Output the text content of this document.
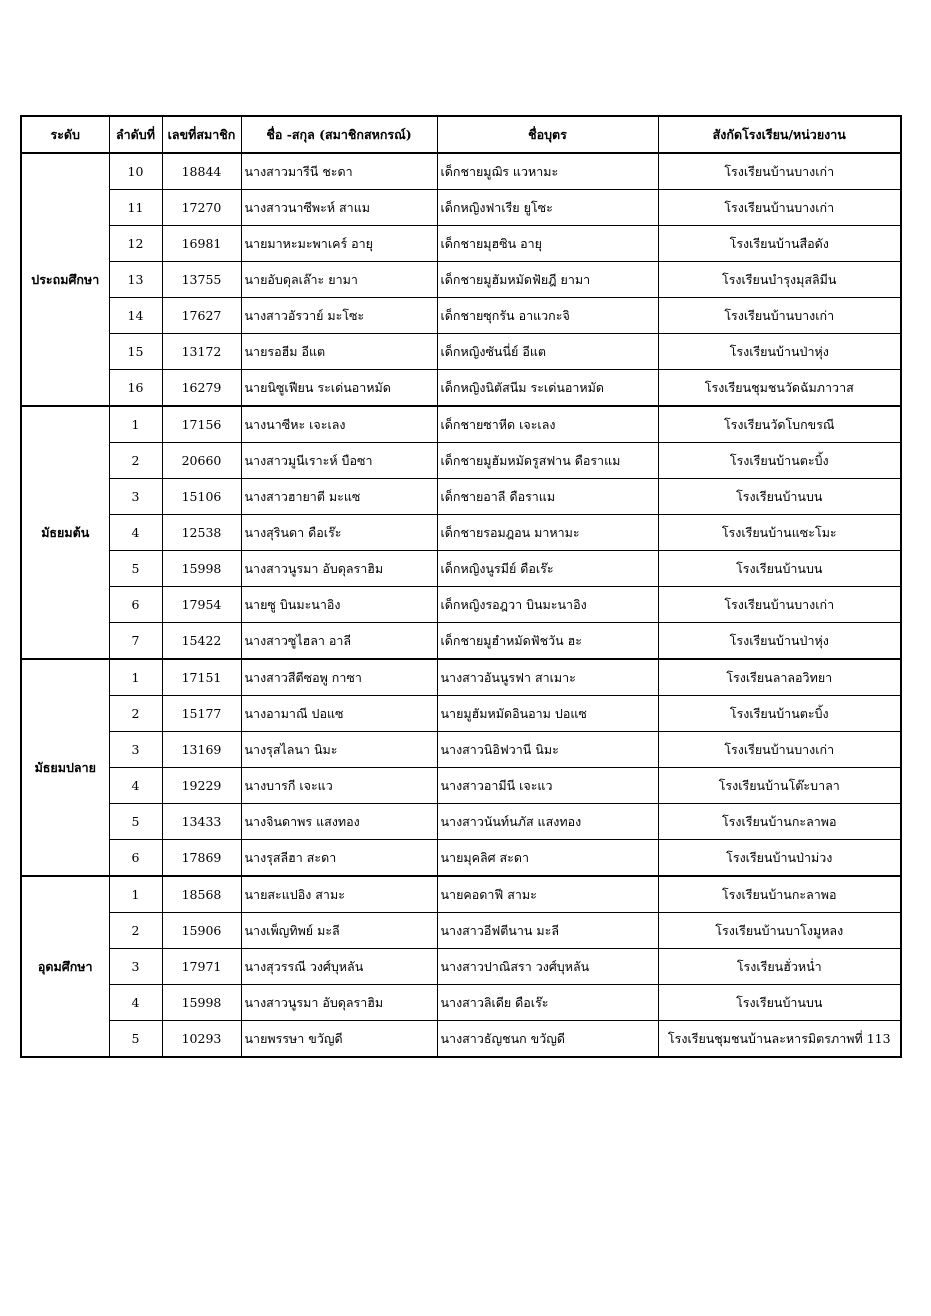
ระดับ	ลำดับที่	เลขที่สมาชิก	ชื่อ -สกุล (สมาชิกสหกรณ์)	ชื่อบุตร	สังกัดโรงเรียน/หน่วยงาน
ประถมศึกษา	10	18844	นางสาวมารีนี ชะดา	เด็กชายมูฌิร แวหามะ	โรงเรียนบ้านบางเก่า
	11	17270	นางสาวนาซีพะห์ สาแม	เด็กหญิงฟาเรีย ยูโซะ	โรงเรียนบ้านบางเก่า
	12	16981	นายมาหะมะพาเคร์ อายุ	เด็กชายมุฮซิน อายุ	โรงเรียนบ้านสือดัง
	13	13755	นายอับดุลเล๊าะ ยามา	เด็กชายมูฮัมหมัดฟัยฎี ยามา	โรงเรียนบำรุงมุสลิมีน
	14	17627	นางสาวอัรวาย์ มะโซะ	เด็กชายซุกรัน อาแวกะจิ	โรงเรียนบ้านบางเก่า
	15	13172	นายรอฮีม อีแต	เด็กหญิงซันนี่ย์ อีแต	โรงเรียนบ้านป่าหุ่ง
	16	16279	นายนิซูเฟียน ระเด่นอาหมัด	เด็กหญิงนิตัสนีม ระเด่นอาหมัด	โรงเรียนชุมชนวัดฉัมภาวาส
มัธยมต้น	1	17156	นางนาซีหะ เจะเลง	เด็กชายซาหีด เจะเลง	โรงเรียนวัดโบกขรณี
	2	20660	นางสาวมูนีเราะห์ บือซา	เด็กชายมูฮัมหมัดรูสฟาน ดือราแม	โรงเรียนบ้านตะบิ้ง
	3	15106	นางสาวฮายาตี มะแซ	เด็กชายอาลี ดือราแม	โรงเรียนบ้านบน
	4	12538	นางสุรินดา ดือเร๊ะ	เด็กชายรอมฎอน มาหามะ	โรงเรียนบ้านแซะโมะ
	5	15998	นางสาวนูรมา อับดุลราฮิม	เด็กหญิงนูรมีย์ ดือเร๊ะ	โรงเรียนบ้านบน
	6	17954	นายซู บินมะนาอิง	เด็กหญิงรอฎวา บินมะนาอิง	โรงเรียนบ้านบางเก่า
	7	15422	นางสาวซูไฮลา อาลี	เด็กชายมูฮำหมัดฟัชวัน ฮะ	โรงเรียนบ้านป่าหุ่ง
มัธยมปลาย	1	17151	นางสาวสีตีซอพู กาซา	นางสาวอันนูรฟา สาเมาะ	โรงเรียนลาลอวิทยา
	2	15177	นางอามาณี ปอแซ	นายมูฮัมหมัดอินอาม ปอแซ	โรงเรียนบ้านตะบิ้ง
	3	13169	นางรุสไลนา นิมะ	นางสาวนิอิฟวานี นิมะ	โรงเรียนบ้านบางเก่า
	4	19229	นางบารกี เจะแว	นางสาวอามีนี เจะแว	โรงเรียนบ้านโต๊ะบาลา
	5	13433	นางจินดาพร แสงทอง	นางสาวนันท์นภัส แสงทอง	โรงเรียนบ้านกะลาพอ
	6	17869	นางรุสลีฮา สะดา	นายมุคลิศ สะดา	โรงเรียนบ้านป่าม่วง
อุดมศึกษา	1	18568	นายสะแปอิง สามะ	นายคอดาฟี สามะ	โรงเรียนบ้านกะลาพอ
	2	15906	นางเพ็ญทิพย์ มะลี	นางสาวอีฟตีนาน มะลี	โรงเรียนบ้านบาโงมูหลง
	3	17971	นางสุวรรณี วงศ์บุหลัน	นางสาวปาณิสรา วงศ์บุหลัน	โรงเรียนฮั่วหน่ำ
	4	15998	นางสาวนูรมา อับดุลราฮิม	นางสาวลิเดีย ดือเร๊ะ	โรงเรียนบ้านบน
	5	10293	นายพรรษา ขวัญดี	นางสาวธัญชนก ขวัญดี	โรงเรียนชุมชนบ้านละหารมิตรภาพที่ 113
